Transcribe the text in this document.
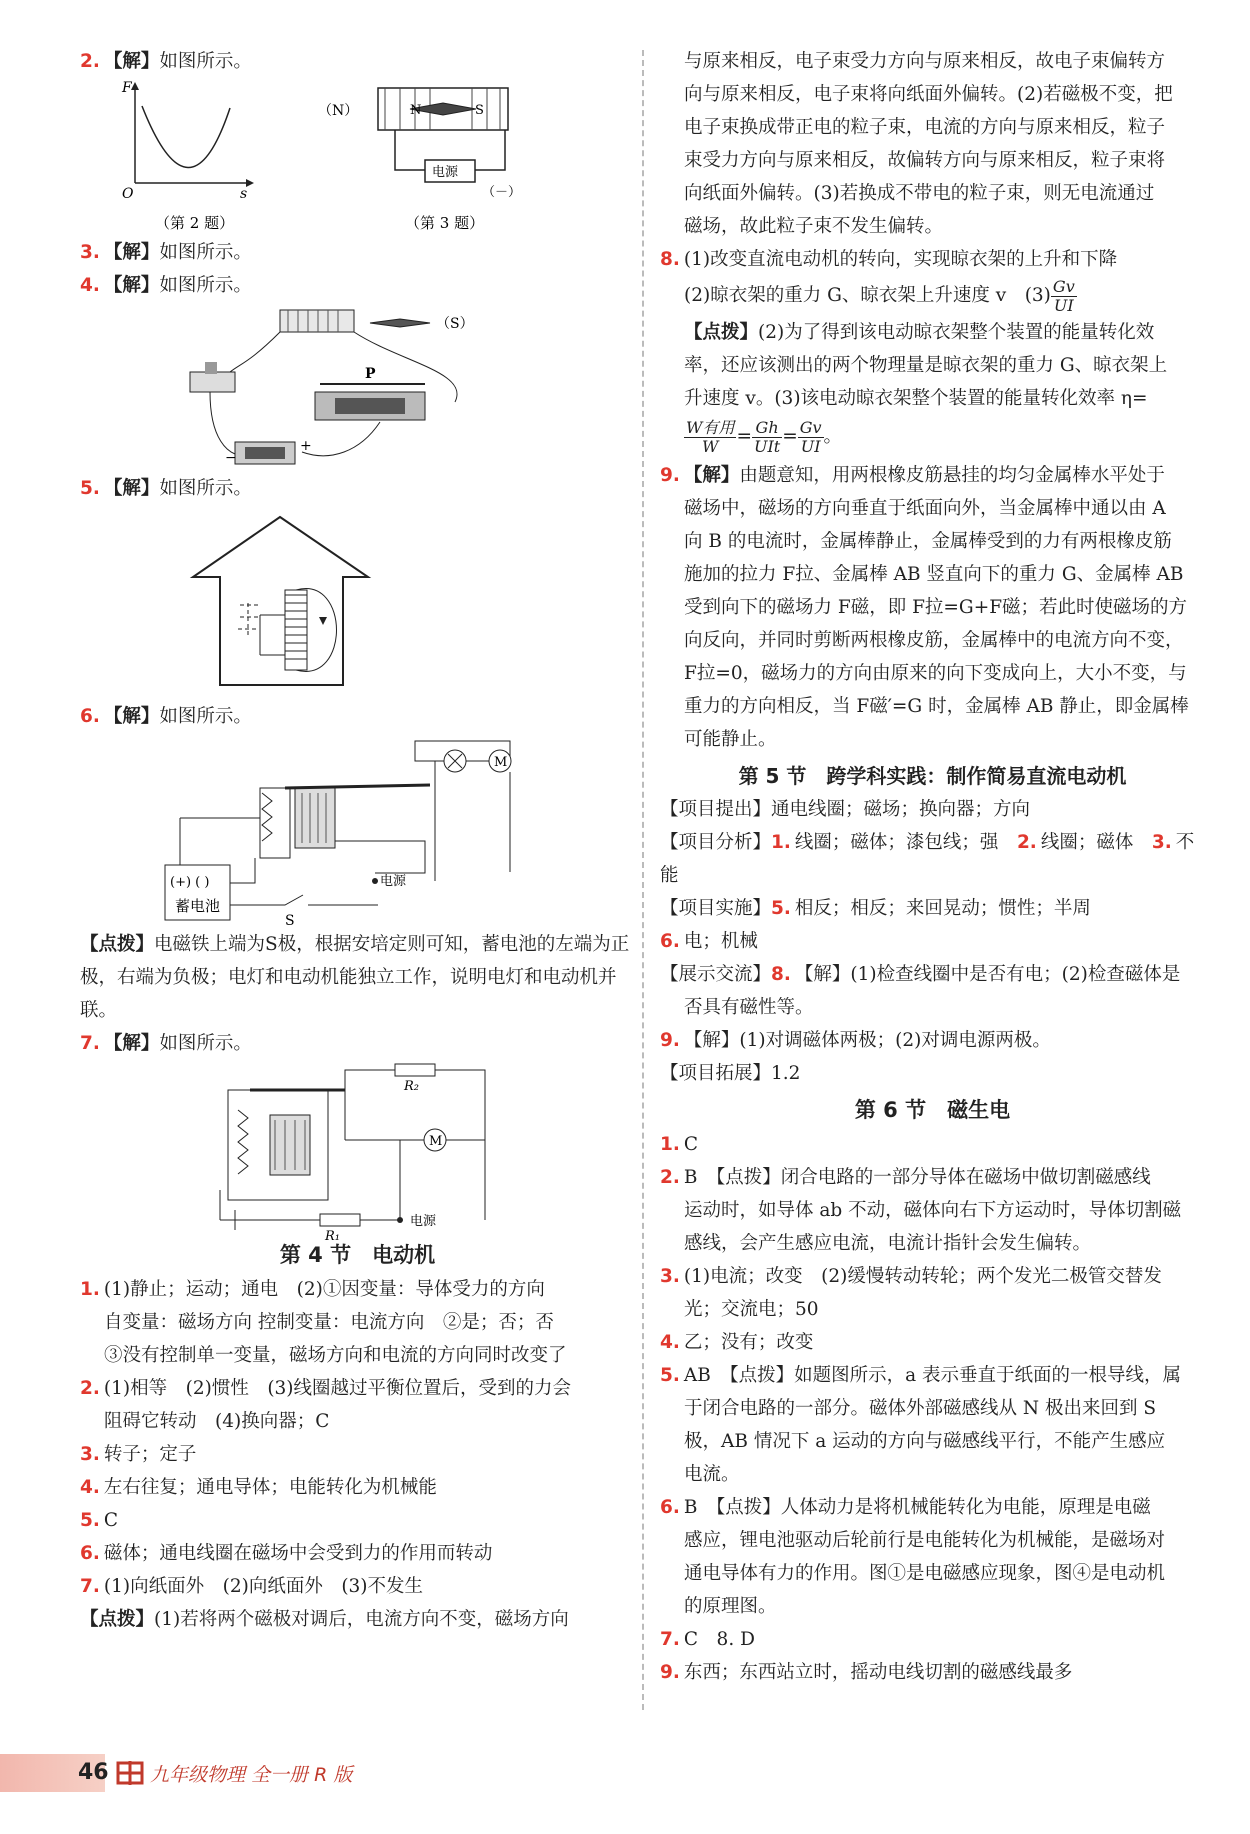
2. 【解】如图所示。

F
s
O
（第 2 题）
N	S
（N）
电源
（－）
（第 3 题）

3. 【解】如图所示。

4. 【解】如图所示。

（S）
P
−
+

5. 【解】如图所示。

6. 【解】如图所示。

M
(+) ( )
蓄电池
S
电源

【点拨】电磁铁上端为S极，根据安培定则可知，蓄电池的左端为正极，右端为负极；电灯和电动机能独立工作，说明电灯和电动机并联。

7. 【解】如图所示。

R₂
M
R₁
电源
第 4 节　电动机

1. (1)静止；运动；通电　(2)①因变量：导体受力的方向

自变量：磁场方向 控制变量：电流方向　②是；否；否

③没有控制单一变量，磁场方向和电流的方向同时改变了

2. (1)相等　(2)惯性　(3)线圈越过平衡位置后，受到的力会

阻碍它转动　(4)换向器；C

3. 转子；定子

4. 左右往复；通电导体；电能转化为机械能

5. C

6. 磁体；通电线圈在磁场中会受到力的作用而转动

7. (1)向纸面外　(2)向纸面外　(3)不发生

【点拨】(1)若将两个磁极对调后，电流方向不变，磁场方向

与原来相反，电子束受力方向与原来相反，故电子束偏转方

向与原来相反，电子束将向纸面外偏转。(2)若磁极不变，把

电子束换成带正电的粒子束，电流的方向与原来相反，粒子

束受力方向与原来相反，故偏转方向与原来相反，粒子束将

向纸面外偏转。(3)若换成不带电的粒子束，则无电流通过

磁场，故此粒子束不发生偏转。

8. (1)改变直流电动机的转向，实现晾衣架的上升和下降

(2)晾衣架的重力 G、晾衣架上升速度 v　$(3) \frac{Gv}{UI}$

【点拨】(2)为了得到该电动晾衣架整个装置的能量转化效

率，还应该测出的两个物理量是晾衣架的重力 G、晾衣架上

升速度 v。(3)该电动晾衣架整个装置的能量转化效率 η=

$\frac{\text{W有用}}{W} = \frac{Gh}{\text{UIt}} = \frac{Gv}{UI}$ 。

9. 【解】由题意知，用两根橡皮筋悬挂的均匀金属棒水平处于

磁场中，磁场的方向垂直于纸面向外，当金属棒中通以由 A

向 B 的电流时，金属棒静止，金属棒受到的力有两根橡皮筋

施加的拉力 F拉、金属棒 AB 竖直向下的重力 G、金属棒 AB

受到向下的磁场力 F磁，即 F拉=G+F磁；若此时使磁场的方

向反向，并同时剪断两根橡皮筋，金属棒中的电流方向不变，

F拉=0，磁场力的方向由原来的向下变成向上，大小不变，与

重力的方向相反，当 F磁′=G 时，金属棒 AB 静止，即金属棒

可能静止。

第 5 节　跨学科实践：制作简易直流电动机

【项目提出】通电线圈；磁场；换向器；方向

【项目分析】1. 线圈；磁体；漆包线；强　2. 线圈；磁体　3. 不能

【项目实施】5. 相反；相反；来回晃动；惯性；半周

6. 电；机械

【展示交流】8. 【解】(1)检查线圈中是否有电；(2)检查磁体是

否具有磁性等。

9. 【解】(1)对调磁体两极；(2)对调电源两极。

【项目拓展】1.2

第 6 节　磁生电

1. C

2. B　【点拨】闭合电路的一部分导体在磁场中做切割磁感线

运动时，如导体 ab 不动，磁体向右下方运动时，导体切割磁

感线，会产生感应电流，电流计指针会发生偏转。

3. (1)电流；改变　(2)缓慢转动转轮；两个发光二极管交替发

光；交流电；50

4. 乙；没有；改变

5. AB　【点拨】如题图所示，a 表示垂直于纸面的一根导线，属

于闭合电路的一部分。磁体外部磁感线从 N 极出来回到 S

极，AB 情况下 a 运动的方向与磁感线平行，不能产生感应

电流。

6. B　【点拨】人体动力是将机械能转化为电能，原理是电磁

感应，锂电池驱动后轮前行是电能转化为机械能，是磁场对

通电导体有力的作用。图①是电磁感应现象，图④是电动机

的原理图。

7. C　8. D

9. 东西；东西站立时，摇动电线切割的磁感线最多

46 九年级物理 全一册 R 版
